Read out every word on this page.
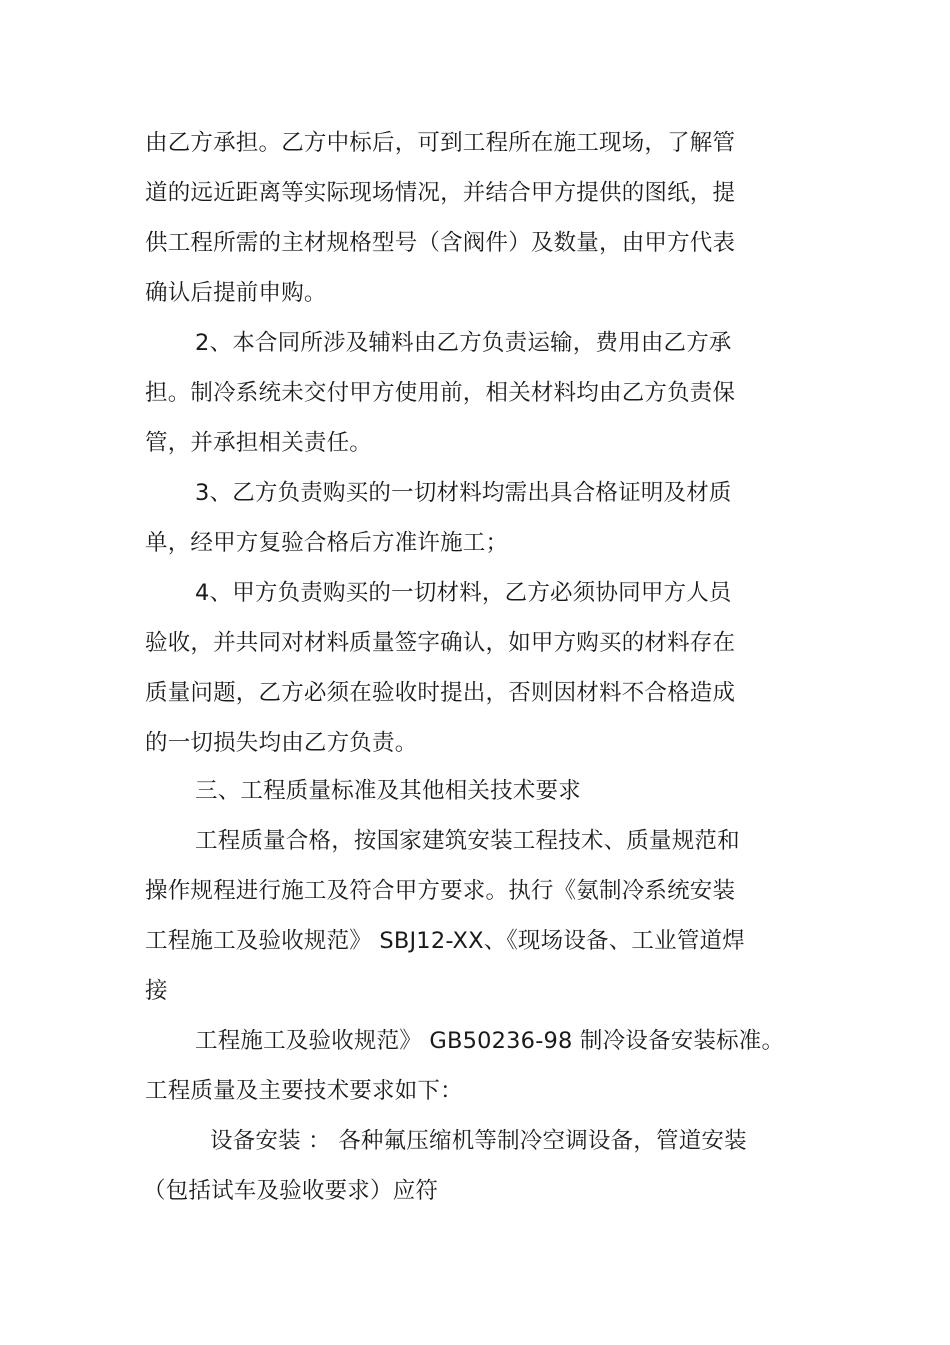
由乙方承担。乙方中标后，可到工程所在施工现场，了解管
道的远近距离等实际现场情况，并结合甲方提供的图纸，提
供工程所需的主材规格型号（含阀件）及数量，由甲方代表
确认后提前申购。
2、本合同所涉及辅料由乙方负责运输，费用由乙方承
担。制冷系统未交付甲方使用前，相关材料均由乙方负责保
管，并承担相关责任。
3、乙方负责购买的一切材料均需出具合格证明及材质
单，经甲方复验合格后方准许施工；
4、甲方负责购买的一切材料，乙方必须协同甲方人员
验收，并共同对材料质量签字确认，如甲方购买的材料存在
质量问题，乙方必须在验收时提出，否则因材料不合格造成
的一切损失均由乙方负责。
三、工程质量标准及其他相关技术要求
工程质量合格，按国家建筑安装工程技术、质量规范和
操作规程进行施工及符合甲方要求。执行《氨制冷系统安装
工程施工及验收规范》 SBJ12-XX、《现场设备、工业管道焊
接
工程施工及验收规范》 GB50236-98 制冷设备安装标准。
工程质量及主要技术要求如下：
设备安装 ： 各种氟压缩机等制冷空调设备，管道安装
（包括试车及验收要求）应符
